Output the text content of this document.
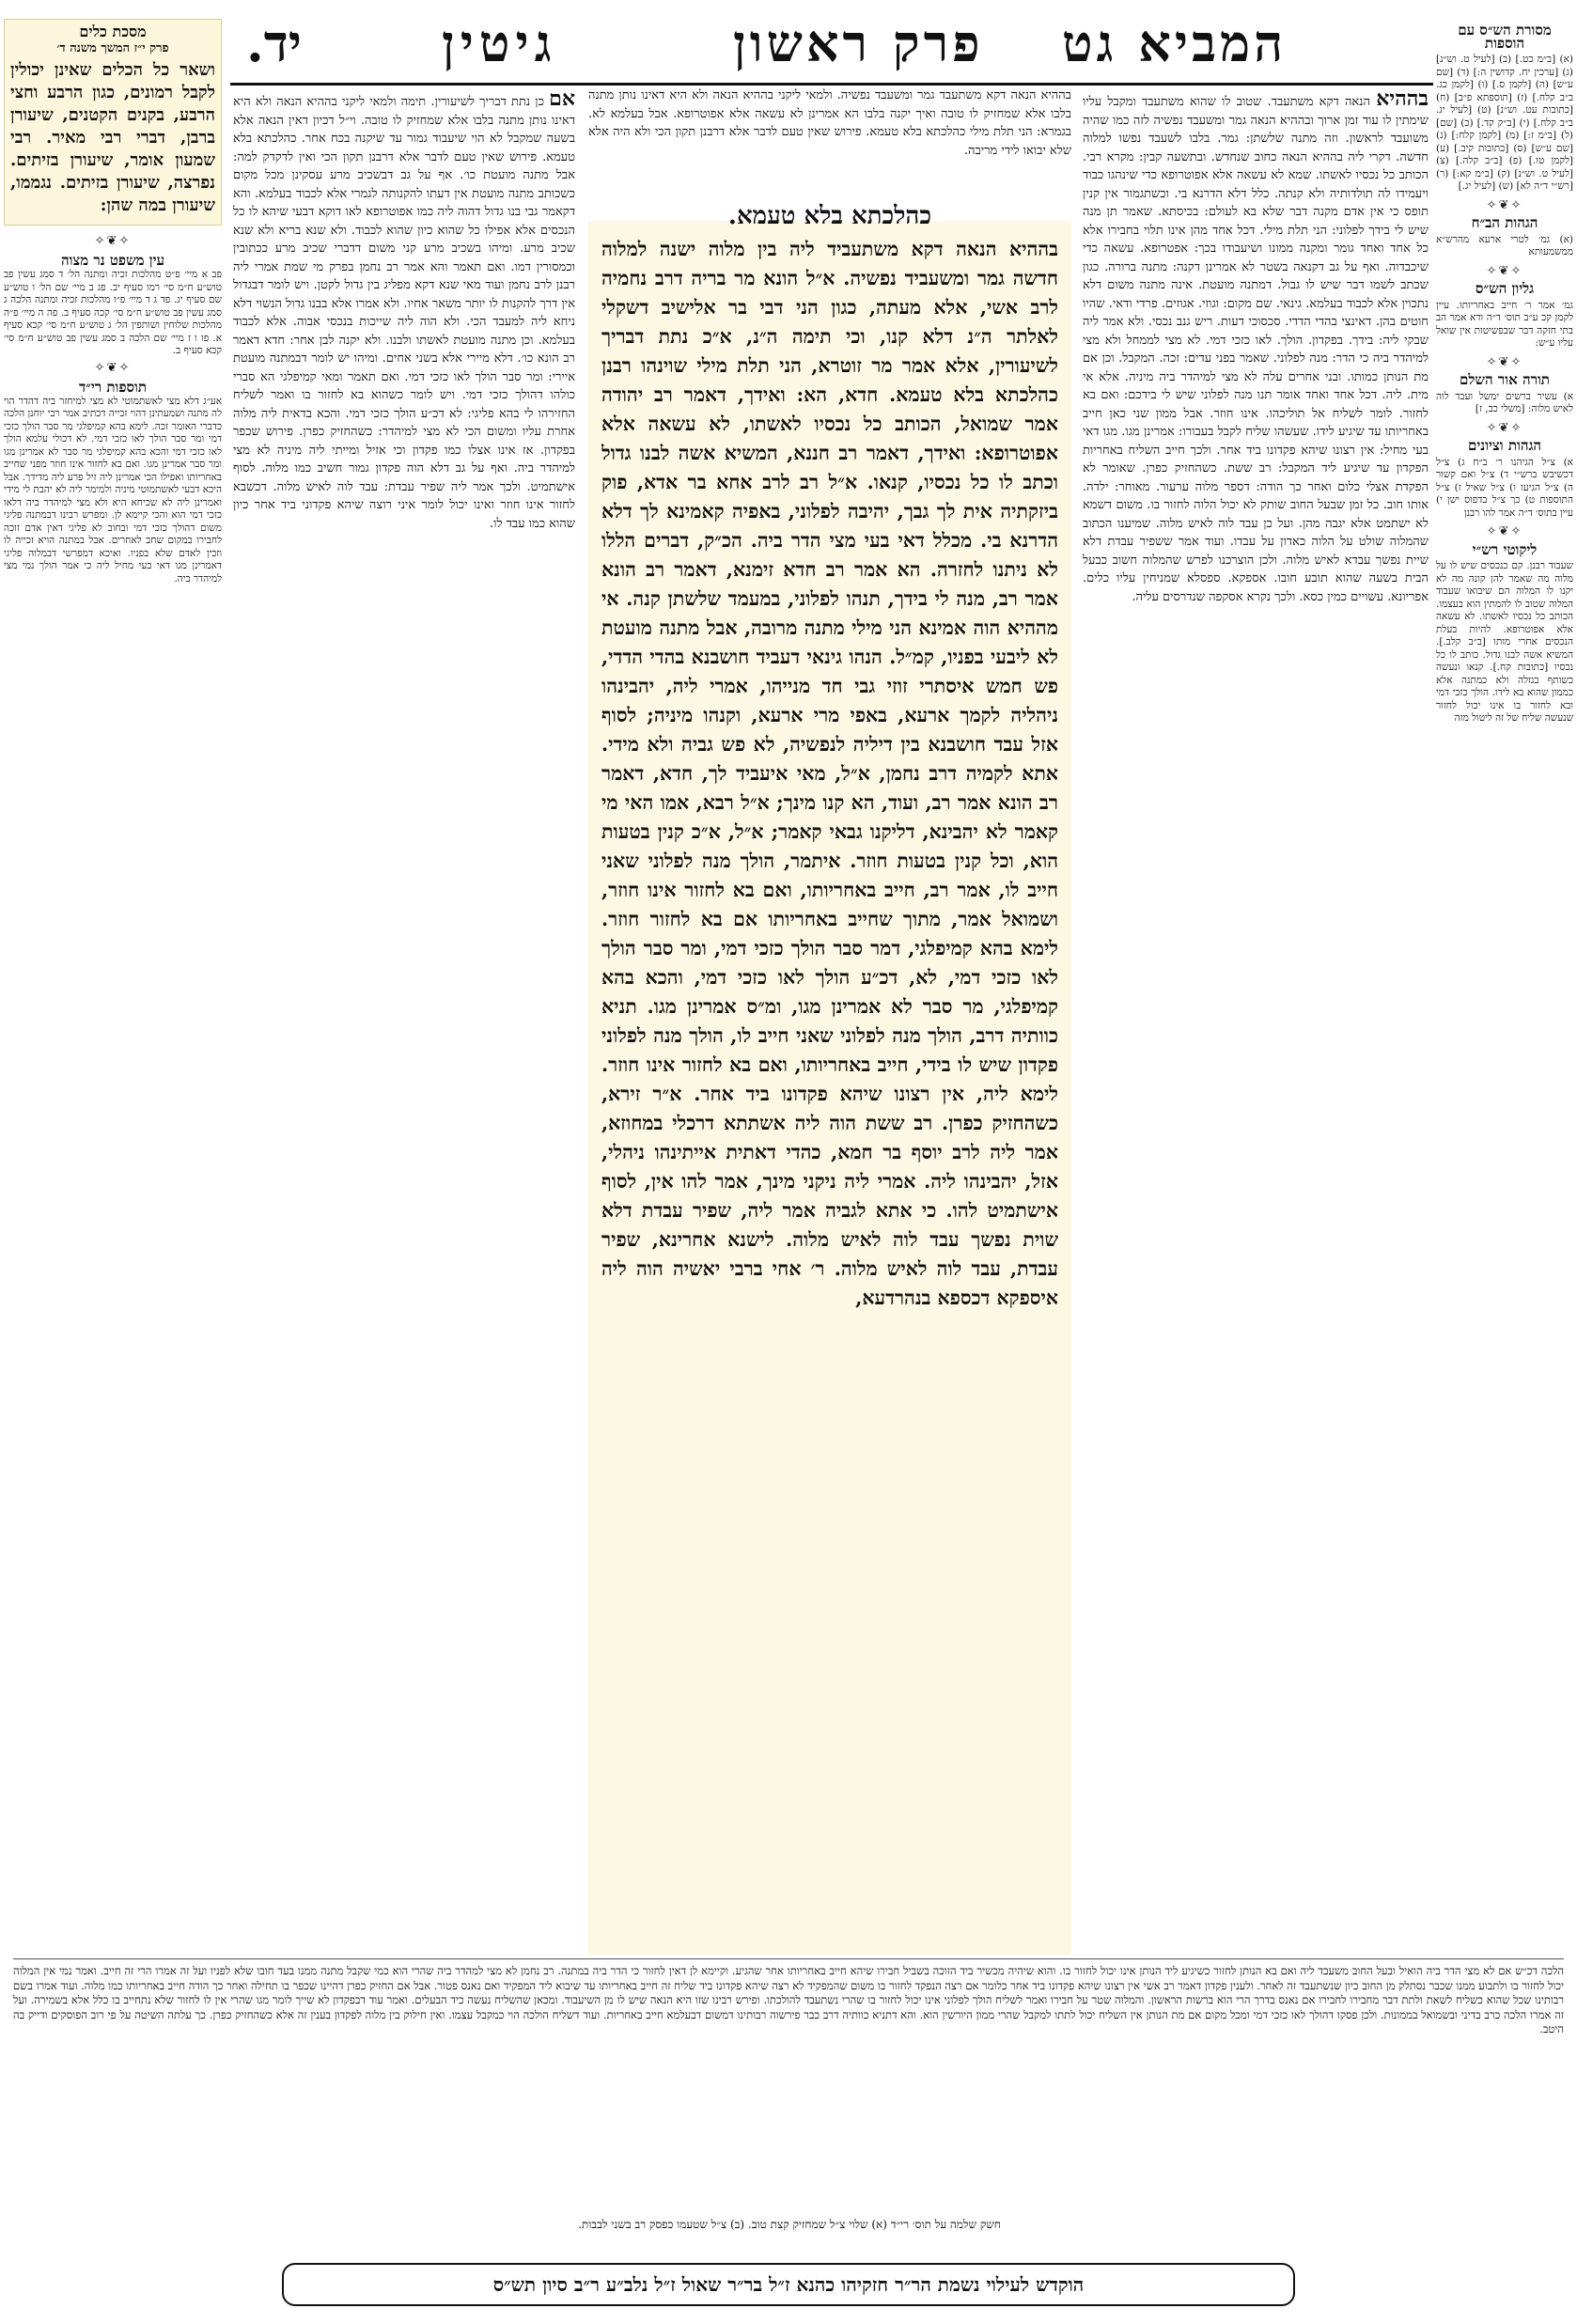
יד.	גיטין	פרק ראשון המביא גט	מסורת הש״ס עם הוספות
(א) [ב״מ כט.] (ב) [לעיל ט. וש״נ] (ג) [ערכין יח. קדושין ה:] (ד) [שם ע״ש] (ה) [לקמן ס.] (ו) [לקמן כג. ב״ב קלח.] (ז) [תוספתא פ״ב] (ח) [כתובות עט. וש״נ] (ט) [לעיל יג. ב״ב קלח.] (י) [ב״ק קד.] (כ) [שם] (ל) [ב״מ ז:] (מ) [לקמן קלח:] (נ) [שם ע״ש] (ס) [כתובות קיב.] (ע) [לקמן טו.] (פ) [ב״ב קלה.] (צ) [לעיל ט. וש״נ] (ק) [ב״מ קא:] (ר) [רש״י ד״ה לא] (ש) [לעיל יג.]
✧❦✧
הגהות הב״ח
(א) גמ׳ לטרי ארעא מהרש״א ממשמעותא
✧❦✧
גליון הש״ס
גמ׳ אמר ר׳ חייב באחריותו. עיין לקמן קכ ע״ב תוס׳ ד״ה ודא אמר הב בתי חזקה דבר שבפשיטות אין שואל עליו ע״ש:
✧❦✧
תורה אור השלם
א) עשיר ברשים ימשל ועבד לוה לאיש מלוה: [משלי כב, ז]
✧❦✧
הגהות וציונים
א) צ״ל הגיהנו ר׳ ב״ח ג) צ״ל דכשיבש ברש״י ד) צ״ל ואם קשור ה) צ״ל הגיעו ו) צ״ל שאיל ז) צ״ל התוספות ט) כך צ״ל בדפוס ישן י) עיין בתוס׳ ד״ה אמר להו רבנן
✧❦✧
ליקוטי רש״י
שעבוד רבנן. קם כנכסים שיש לו על מלוה מה שאמר להן קונה מה לא יקנו לו המלוה הם שיבואו שעבוד המלוה שטוב לו להמתין הוא בעצמו. הכותב כל נכסיו לאשתו. לא עשאה אלא אפוטרופא. להיות בעלת הנכסים אחרי מותו [ב״ב קלב.]. המשיא אשה לבנו גדול. כותב לו כל נכסיו [כתובות קח.]. קנאו ונעשה כשותף בגזלה ולא כמתנה אלא כממון שהוא בא לידו. הולך כזכי דמי ובא לחזור בו אינו יכול לחזור שנעשה שליח של זה ליטול מזה
מסכת כלים
פרק י״ז המשך משנה ד׳
ושאר כל הכלים שאינן יכולין לקבל רמונים, כגון הרבע וחצי הרבע, בקנים הקטנים, שיעורן ברבן, דברי רבי מאיר. רבי שמעון אומר, שיעורן בזיתים. נפרצה, שיעורן בזיתים. נגממו, שיעורן במה שהן:
✧❦✧
עין משפט נר מצוה
פב א מיי׳ פ״ט מהלכות זכיה ומתנה הל׳ ד סמג עשין פב טוש״ע ח״מ סי׳ רמו סעיף יב. פג ב מיי׳ שם הל׳ ו טוש״ע שם סעיף יג. פד ג ד מיי׳ פ״ו מהלכות זכיה ומתנה הלכה ג סמג עשין פב טוש״ע ח״מ סי׳ קכה סעיף ב. פה ה מיי׳ פ״ה מהלכות שלוחין ושותפין הל׳ ג טוש״ע ח״מ סי׳ קכא סעיף א. פו ו ז מיי׳ שם הלכה ב סמג עשין פב טוש״ע ח״מ סי׳ קכא סעיף ב.
✧❦✧
תוספות רי״ד
אע״ג דלא מצי לאשתמוטי לא מצי למיחזר ביה דהדר הוי לה מתנה ושמעתינן דהוי זכייה דכתיב אמר רבי יוחנן הלכה כדברי האומר זכה. לימא בהא קמיפלגי מר סבר הולך כזכי דמי ומר סבר הולך לאו כזכי דמי. לא דכולי עלמא הולך לאו כזכי דמי והכא בהא קמיפלגי מר סבר לא אמרינן מגו ומר סבר אמרינן מגו. ואם בא לחזור אינו חוזר מפני שחייב באחריותו ואפילו הכי אמרינן ליה זיל פרע ליה מדידך. אבל היכא דבעי לאשתמוטי מיניה ולמימר ליה לא יהבת לי מידי ואמרינן ליה לא שכיחא היא ולא מצי למיהדר ביה דלאו כזכי דמי הוא והכי קיימא לן. ומפרש רבינו דבמתנה פליגי משום דהולך כזכי דמי ובחוב לא פליגי דאין אדם זוכה לחבירו במקום שחב לאחרים. אבל במתנה הויא זכייה לו וזכין לאדם שלא בפניו. ואיכא דמפרשי דבמלוה פליגי דאמרינן מגו דאי בעי מחיל ליה כי אמר הולך נמי מצי למיהדר ביה.

בההיא הנאה דקא משתעבד. שטוב לו שהוא משתעבד ומקבל עליו שימתין לו עוד זמן ארוך ובההיא הנאה גמר ומשעבד נפשיה לזה כמו שהיה משועבד לראשון. וזה מתנה שלשתן: גמר. בלבו לשעבד נפשו למלוה חדשה. דקרי ליה בההיא הנאה כחוב שנחדש. ובתשעה קבין: מקרא רבי. הכותב כל נכסיו לאשתו. שמא לא עשאה אלא אפוטרופא כדי שינהגו כבוד ויעמידו לה תולדותיה ולא קנתה. כלל דלא הדרנא בי. וכשתגמור אין קנין תופס כי אין אדם מקנה דבר שלא בא לעולם: בכיסתא. שאמר תן מנה שיש לי בידך לפלוני: הני תלת מילי. דכל אחד מהן אינו תלוי בחבירו אלא כל אחד ואחד גומר ומקנה ממונו ושיעבודו בכך: אפטרופא. עשאה כדי שיכבדוה. ואף על גב דקנאה בשטר לא אמרינן דקנה: מתנה ברורה. כגון שכתב לשמו דבר שיש לו גבול. דמתנה מועטת. אינה מתנה משום דלא נתכוין אלא לכבוד בעלמא. גינאי. שם מקום: וגוזי. אגוזים. פרדי ודאי. שהיו חוטים בהן. דאינצי בהדי הדדי. סכסוכי דעות. ריש גנב נכסי. ולא אמר ליה שבקי ליה: בידך. בפקדון. הולך. לאו כזכי דמי. לא מצי לממחל ולא מצי למיהדר ביה כי הדר: מנה לפלוני. שאמר בפני עדים: זכה. המקבל. וכן אם מת הנותן כמותו. ובני אחרים עלה לא מצי למיהדר ביה מיניה. אלא אי מית. ליה. דכל אחד ואחד אומר תנו מנה לפלוני שיש לי בידכם: ואם בא לחזור. לומר לשליח אל תוליכהו. אינו חוזר. אבל ממון שני כאן חייב באחריותו עד שיגיע לידו. שעשהו שליח לקבל בעבורו: אמרינן מגו. מגו דאי בעי מחיל: אין רצונו שיהא פקדונו ביד אחר. ולכך חייב השליח באחריות הפקדון עד שיגיע ליד המקבל: רב ששת. כשהחזיק כפרן. שאומר לא הפקדת אצלי כלום ואחר כך הודה: דספר מלוה ערעור. מאוחר: ילדה. אותו חוב. כל זמן שבעל החוב שותק לא יכול הלוה לחזור בו. משום דשמא לא ישתמט אלא יגבה מהן. ועל כן עבד לוה לאיש מלוה. שמיענו הכתוב שהמלוה שולט על הלוה כאדון על עבדו. ועוד אמר ששפיר עבדת דלא שיית נפשך עבדא לאיש מלוה. ולכן הוצרכנו לפרש שהמלוה חשוב כבעל הבית בשעה שהוא תובע חובו. אספקא. ספסלא שמניחין עליו כלים. אפריונא. עשויים כמין כסא. ולכך נקרא אסקפה שנדרסים עליה.

אם כן נתת דבריך לשיעורין. תימה ולמאי ליקני בההיא הנאה ולא היא דאינו נותן מתנה בלבו אלא שמחזיק לו טובה. וי״ל דכיון דאין הנאה אלא בשעה שמקבל לא הוי שיעבוד גמור עד שיקנה בכח אחר. כהלכתא בלא טעמא. פירוש שאין טעם לדבר אלא דרבנן תקון הכי ואין לדקדק למה: אבל מתנה מועטת כו׳. אף על גב דבשכיב מרע עסקינן מכל מקום כשכותב מתנה מועטת אין דעתו להקנותה לגמרי אלא לכבוד בעלמא. והא דקאמר גבי בנו גדול דהוה ליה כמו אפוטרופא לאו דוקא דבעי שיהא לו כל הנכסים אלא אפילו כל שהוא כיון שהוא לכבוד. ולא שנא בריא ולא שנא שכיב מרע. ומיהו בשכיב מרע קני משום דדברי שכיב מרע ככתובין וכמסורין דמו. ואם תאמר והא אמר רב נחמן בפרק מי שמת אמרי ליה רבנן לרב נחמן ועוד מאי שנא דקא מפליג בין גדול לקטן. ויש לומר דבגדול אין דרך להקנות לו יותר משאר אחיו. ולא אמרו אלא בבנו גדול הנשוי דלא ניחא ליה למעבד הכי. ולא הוה ליה שייכות בנכסי אבוה. אלא לכבוד בעלמא. וכן מתנה מועטת לאשתו ולבנו. ולא יקנה לבן אחר: חדא דאמר רב הונא כו׳. דלא מיירי אלא בשני אחים. ומיהו יש לומר דבמתנה מועטת איירי: ומר סבר הולך לאו כזכי דמי. ואם תאמר ומאי קמיפלגי הא סברי כולהו דהולך כזכי דמי. ויש לומר כשהוא בא לחזור בו ואמר לשליח החזירהו לי בהא פליגי: לא דכ״ע הולך כזכי דמי. והכא בדאית ליה מלוה אחרת עליו ומשום הכי לא מצי למיהדר: כשהחזיק כפרן. פירוש שכפר בפקדון. אז אינו אצלו כמו פקדון וכי אזיל ומייתי ליה מיניה לא מצי למיהדר ביה. ואף על גב דלא הוה פקדון גמור חשיב כמו מלוה. לסוף אישתמיט. ולכך אמר ליה שפיר עבדת: עבד לוה לאיש מלוה. דכשבא לחזור אינו חוזר ואינו יכול לומר איני רוצה שיהא פקדוני ביד אחר כיון שהוא כמו עבד לו.

בההיא הנאה דקא משתעבד גמר ומשעבד נפשיה. ולמאי ליקני בההיא הנאה ולא היא דאינו נותן מתנה בלבו אלא שמחזיק לו טובה ואיך יקנה בלבו הא אמרינן לא עשאה אלא אפוטרופא. אבל בעלמא לא. בגמרא: הני תלת מילי כהלכתא בלא טעמא. פירוש שאין טעם לדבר אלא דרבנן תקון הכי ולא היה אלא שלא יבואו לידי מריבה.
כהלכתא בלא טעמא.

בההיא הנאה דקא משתעביד ליה בין מלוה ישנה למלוה חדשה גמר ומשעביד נפשיה. א״ל הונא מר בריה דרב נחמיה לרב אשי, אלא מעתה, כגון הני דבי בר אלישיב דשקלי לאלתר ה״נ דלא קנו, וכי תימה ה״נ, א״כ נתת דבריך לשיעורין, אלא אמר מר זוטרא, הני תלת מילי שוינהו רבנן כהלכתא בלא טעמא. חדא, הא: ואידך, דאמר רב יהודה אמר שמואל, הכותב כל נכסיו לאשתו, לא עשאה אלא אפוטרופא: ואידך, דאמר רב חננא, המשיא אשה לבנו גדול וכתב לו כל נכסיו, קנאו. א״ל רב לרב אחא בר אדא, פוק ביזקתיה אית לך גבך, יהיבה לפלוני, באפיה קאמינא לך דלא הדרנא בי. מכלל דאי בעי מצי הדר ביה. הכ״ק, דברים הללו לא ניתנו לחזרה. הא אמר רב חדא זימנא, דאמר רב הונא אמר רב, מנה לי בידך, תנהו לפלוני, במעמד שלשתן קנה. אי מההיא הוה אמינא הני מילי מתנה מרובה, אבל מתנה מועטת לא ליבעי בפניו, קמ״ל. הנהו גינאי דעביד חושבנא בהדי הדדי, פש חמש איסתרי זוזי גבי חד מנייהו, אמרי ליה, יהבינהו ניהליה לקמך ארעא, באפי מרי ארעא, וקנהו מיניה; לסוף אזל עבד חושבנא בין דיליה לנפשיה, לא פש גביה ולא מידי. אתא לקמיה דרב נחמן, א״ל, מאי איעביד לך, חדא, דאמר רב הונא אמר רב, ועוד, הא קנו מינך; א״ל רבא, אמו האי מי קאמר לא יהבינא, דליקנו גבאי קאמר; א״ל, א״כ קנין בטעות הוא, וכל קנין בטעות חוזר. איתמר, הולך מנה לפלוני שאני חייב לו, אמר רב, חייב באחריותו, ואם בא לחזור אינו חוזר, ושמואל אמר, מתוך שחייב באחריותו אם בא לחזור חוזר. לימא בהא קמיפלגי, דמר סבר הולך כזכי דמי, ומר סבר הולך לאו כזכי דמי, לא, דכ״ע הולך לאו כזכי דמי, והכא בהא קמיפלגי, מר סבר לא אמרינן מגו, ומ״ס אמרינן מגו. תניא כוותיה דרב, הולך מנה לפלוני שאני חייב לו, הולך מנה לפלוני פקדון שיש לו בידי, חייב באחריותו, ואם בא לחזור אינו חוזר. לימא ליה, אין רצונו שיהא פקדונו ביד אחר. א״ר זירא, כשהחזיק כפרן. רב ששת הוה ליה אשתתא דרכלי במחוזא, אמר ליה לרב יוסף בר חמא, כהדי דאתית אייתינהו ניהלי, אזל, יהבינהו ליה. אמרי ליה ניקני מינך, אמר להו אין, לסוף אישתמיט להו. כי אתא לגביה אמר ליה, שפיר עבדת דלא שוית נפשך עבד לוה לאיש מלוה. לישנא אחרינא, שפיר עבדת, עבד לוה לאיש מלוה. ר׳ אחי ברבי יאשיה הוה ליה איספקא דכספא בנהרדעא,

הלכה דכ״ש אם לא מצי הדר ביה הואיל ובעל החוב משעבד ליה ואם בא הנותן לחזור כשיגיע ליד הנותן אינו יכול לחזור בו. והוא שיהיה מכשיר ביד הזוכה בשביל חבירו שיהא חייב באחריותו אחר שהגיע. וקיימא לן דאין לחזור כי הדר ביה במתנה. רב נחמן לא מצי למהדר ביה שהרי הוא כמי שקבל מתנה ממנו בעד חובו שלא לפניו ועל זה אמרו הרי זה חייב. ואמר נמי אין המלוה יכול לחזור בו ולתבוע ממנו שכבר נסתלק מן החוב כיון שנשתעבד זה לאחר. ולענין פקדון דאמר רב אשי אין רצונו שיהא פקדונו ביד אחר כלומר אם רצה הנפקד לחזור בו משום שהמפקיד לא רצה שיהא פקדונו ביד שליח זה חייב באחריותו עד שיבוא ליד המפקיד ואם נאנס פטור. אבל אם החזיק כפרן דהיינו שכפר בו תחילה ואחר כך הודה חייב באחריותו כמו מלוה. ועוד אמרו בשם רבותינו שכל שהוא כשליח לשאת ולתת דבר מחבירו לחבירו אם נאנס בדרך הרי הוא ברשות הראשון. והמלוה שטר על חבירו ואמר לשליח הולך לפלוני אינו יכול לחזור בו שהרי נשתעבד להולכתו. ופירש רבינו שזו היא הנאה שיש לו מן השיעבוד. ומכאן שהשליח נעשה כיד הבעלים. ואמר עוד דבפקדון לא שייך לומר מגו שהרי אין לו לחזור שלא נתחייב בו כלל אלא בשמירה. ועל זה אמרו הלכה כרב בדיני ובשמואל בממונות. ולכן פסקו דהולך לאו כזכי דמי ומכל מקום אם מת הנותן אין השליח יכול לתתו למקבל שהרי ממון היורשין הוא. והא דתניא כוותיה דרב כבר פירשוה רבותינו דמשום דבעלמא חייב באחריות. ועוד דשליח הולכה הוי כמקבל עצמו. ואין חילוק בין מלוה לפקדון בענין זה אלא כשהחזיק כפרן. כך עלתה השיטה על פי רוב הפוסקים ודייק בה היטב.
חשק שלמה על תוס׳ רי״ד (א) שלוי צ״ל שמחזיק קצת טוב. (ב) צ״ל שטעמו כפסק רב בשני לבבות.
הוקדש לעילוי נשמת הר״ר חזקיהו כהנא ז״ל בר״ר שאול ז״ל נלב״ע ר״ב סיון תש״ס
